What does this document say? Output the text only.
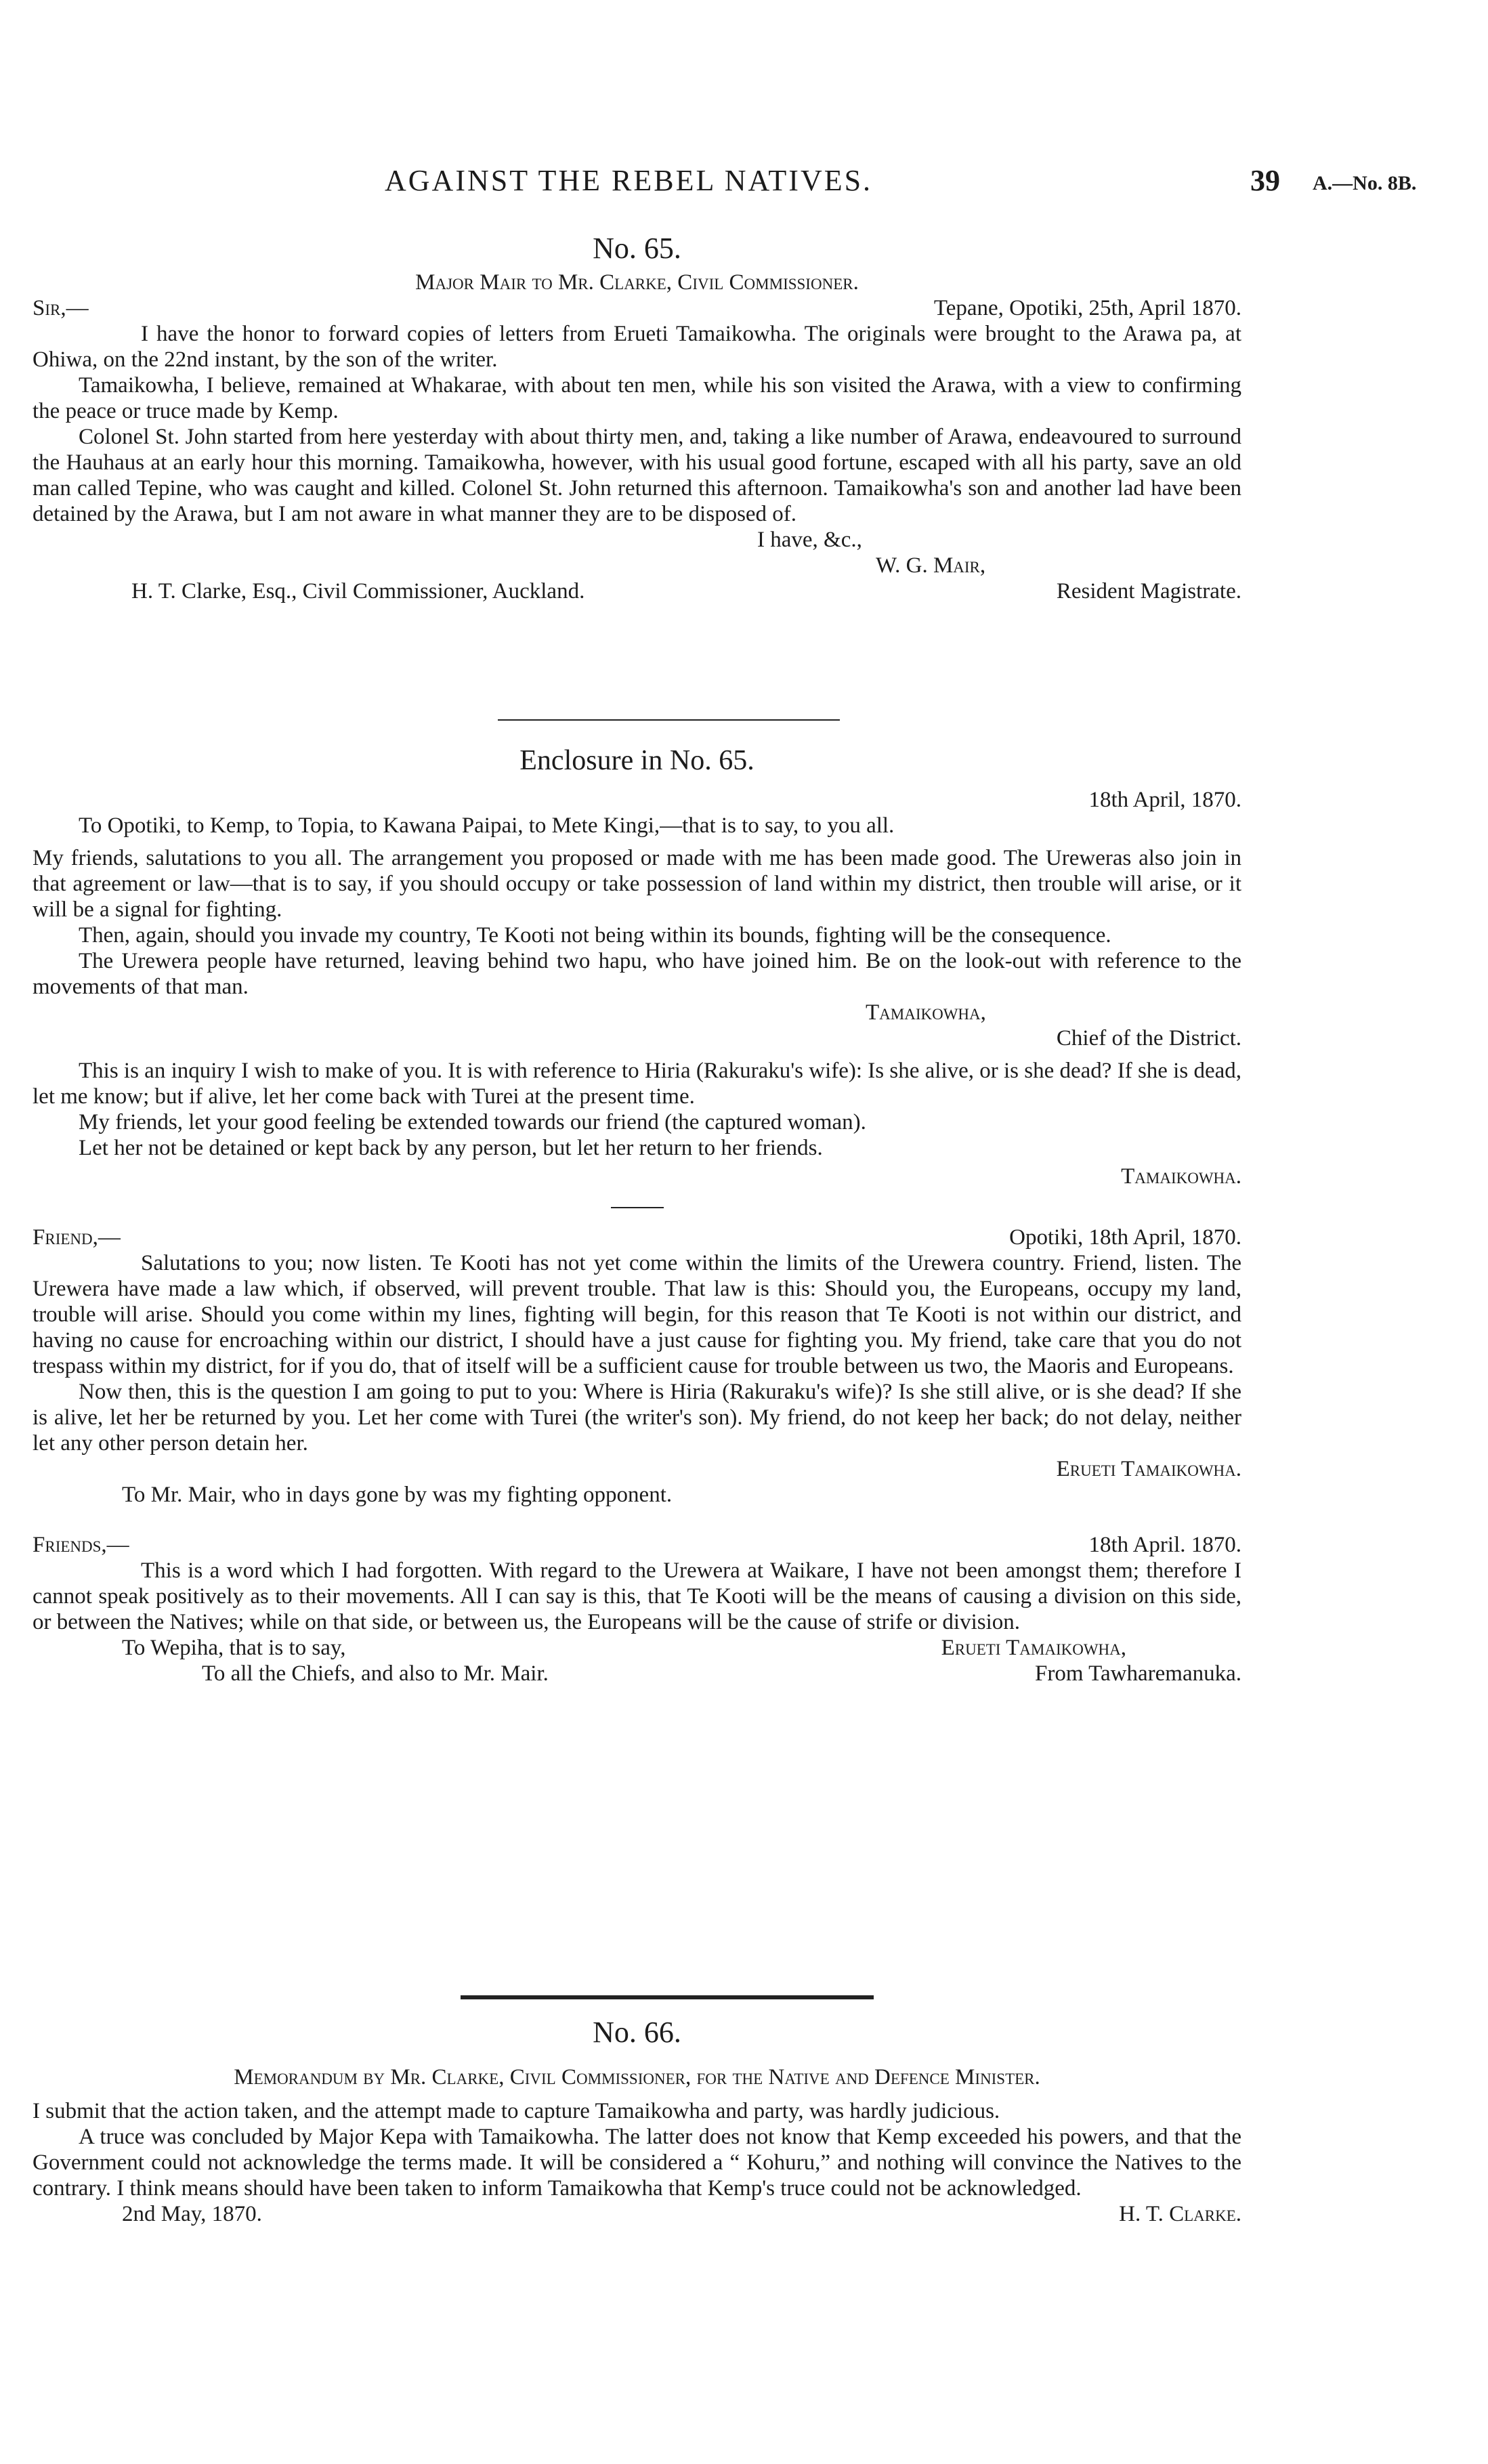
AGAINST THE REBEL NATIVES.	39 A.—No. 8B.
No. 65.
Major Mair to Mr. Clarke, Civil Commissioner.
Sir,—	Tepane, Opotiki, 25th, April 1870.

I have the honor to forward copies of letters from Erueti Tamaikowha. The originals were brought to the Arawa pa, at Ohiwa, on the 22nd instant, by the son of the writer.

Tamaikowha, I believe, remained at Whakarae, with about ten men, while his son visited the Arawa, with a view to confirming the peace or truce made by Kemp.

Colonel St. John started from here yesterday with about thirty men, and, taking a like number of Arawa, endeavoured to surround the Hauhaus at an early hour this morning. Tamaikowha, however, with his usual good fortune, escaped with all his party, save an old man called Tepine, who was caught and killed. Colonel St. John returned this afternoon. Tamaikowha's son and another lad have been detained by the Arawa, but I am not aware in what manner they are to be disposed of.

I have, &c.,
W. G. Mair,
H. T. Clarke, Esq., Civil Commissioner, Auckland.	Resident Magistrate.
Enclosure in No. 65.
18th April, 1870.

To Opotiki, to Kemp, to Topia, to Kawana Paipai, to Mete Kingi,—that is to say, to you all.

My friends, salutations to you all. The arrangement you proposed or made with me has been made good. The Ureweras also join in that agreement or law—that is to say, if you should occupy or take possession of land within my district, then trouble will arise, or it will be a signal for fighting.

Then, again, should you invade my country, Te Kooti not being within its bounds, fighting will be the consequence.

The Urewera people have returned, leaving behind two hapu, who have joined him. Be on the look-out with reference to the movements of that man.

Tamaikowha,
Chief of the District.

This is an inquiry I wish to make of you. It is with reference to Hiria (Rakuraku's wife): Is she alive, or is she dead? If she is dead, let me know; but if alive, let her come back with Turei at the present time.

My friends, let your good feeling be extended towards our friend (the captured woman).

Let her not be detained or kept back by any person, but let her return to her friends.

Tamaikowha.
Friend,—	Opotiki, 18th April, 1870.

Salutations to you; now listen. Te Kooti has not yet come within the limits of the Urewera country. Friend, listen. The Urewera have made a law which, if observed, will prevent trouble. That law is this: Should you, the Europeans, occupy my land, trouble will arise. Should you come within my lines, fighting will begin, for this reason that Te Kooti is not within our district, and having no cause for encroaching within our district, I should have a just cause for fighting you. My friend, take care that you do not trespass within my district, for if you do, that of itself will be a sufficient cause for trouble between us two, the Maoris and Europeans.

Now then, this is the question I am going to put to you: Where is Hiria (Rakuraku's wife)? Is she still alive, or is she dead? If she is alive, let her be returned by you. Let her come with Turei (the writer's son). My friend, do not keep her back; do not delay, neither let any other person detain her.

Erueti Tamaikowha.
To Mr. Mair, who in days gone by was my fighting opponent.
Friends,—	18th April. 1870.

This is a word which I had forgotten. With regard to the Urewera at Waikare, I have not been amongst them; therefore I cannot speak positively as to their movements. All I can say is this, that Te Kooti will be the means of causing a division on this side, or between the Natives; while on that side, or between us, the Europeans will be the cause of strife or division.

To Wepiha, that is to say,	Erueti Tamaikowha,
To all the Chiefs, and also to Mr. Mair.	From Tawharemanuka.
No. 66.
Memorandum by Mr. Clarke, Civil Commissioner, for the Native and Defence Minister.

I submit that the action taken, and the attempt made to capture Tamaikowha and party, was hardly judicious.

A truce was concluded by Major Kepa with Tamaikowha. The latter does not know that Kemp exceeded his powers, and that the Government could not acknowledge the terms made. It will be considered a “ Kohuru,” and nothing will convince the Natives to the contrary. I think means should have been taken to inform Tamaikowha that Kemp's truce could not be acknowledged.

2nd May, 1870.	H. T. Clarke.
